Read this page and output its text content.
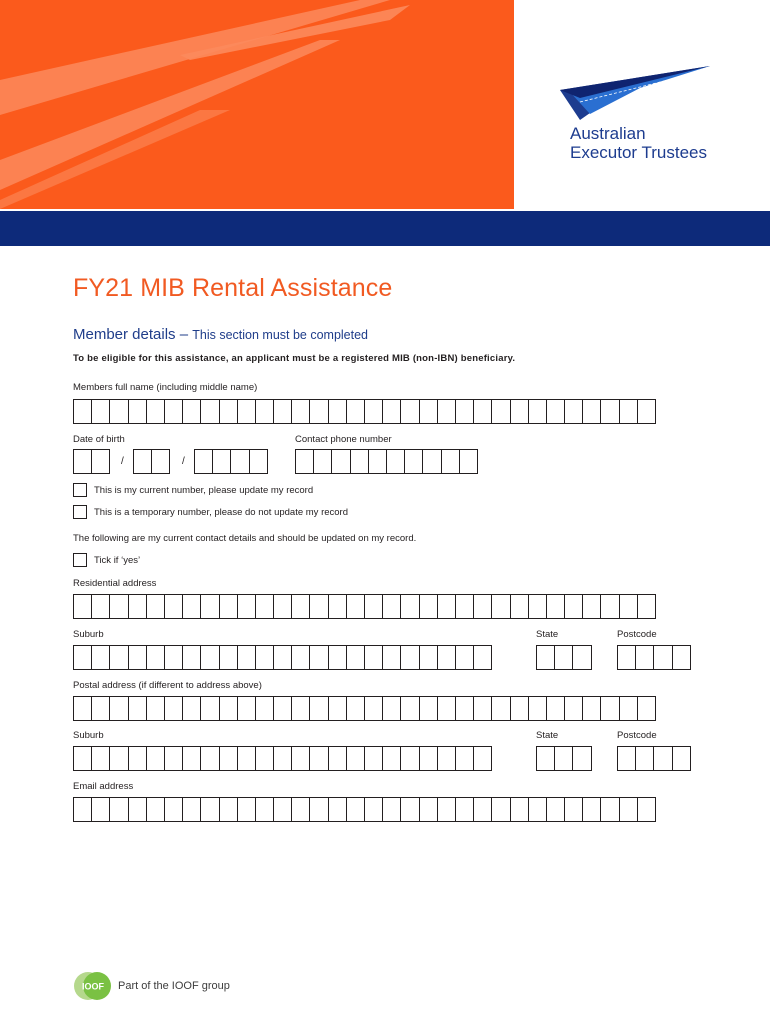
Australian
Executor Trustees
FY21 MIB Rental Assistance
Member details – This section must be completed
To be eligible for this assistance, an applicant must be a registered MIB (non-IBN) beneficiary.
Members full name (including middle name)
Date of birth
/	/
Contact phone number
This is my current number, please update my record
This is a temporary number, please do not update my record
The following are my current contact details and should be updated on my record.
Tick if ‘yes’
Residential address
Suburb	State	Postcode
Postal address (if different to address above)
Suburb	State	Postcode
Email address
IOOF Part of the IOOF group
